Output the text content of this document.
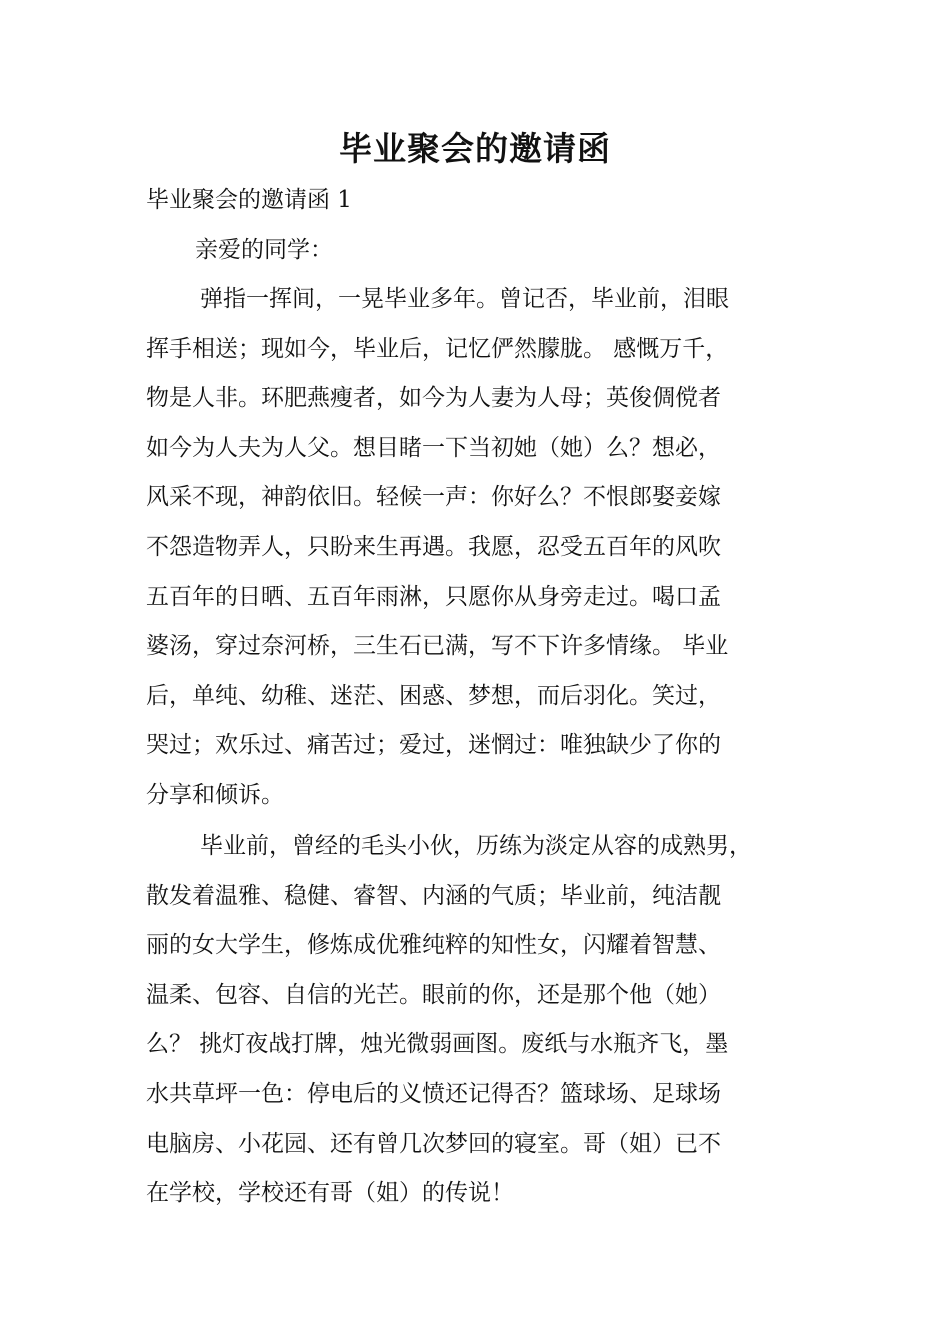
毕业聚会的邀请函
毕业聚会的邀请函 1
亲爱的同学：
弹指一挥间，一晃毕业多年。曾记否，毕业前，泪眼
挥手相送；现如今，毕业后，记忆俨然朦胧。 感慨万千，
物是人非。环肥燕瘦者，如今为人妻为人母；英俊倜傥者
如今为人夫为人父。想目睹一下当初她（她）么？想必，
风采不现，神韵依旧。轻候一声：你好么？不恨郎娶妾嫁
不怨造物弄人，只盼来生再遇。我愿，忍受五百年的风吹
五百年的日晒、五百年雨淋，只愿你从身旁走过。喝口孟
婆汤，穿过奈河桥，三生石已满，写不下许多情缘。 毕业
后，单纯、幼稚、迷茫、困惑、梦想，而后羽化。笑过，
哭过；欢乐过、痛苦过；爱过，迷惘过：唯独缺少了你的
分享和倾诉。
毕业前，曾经的毛头小伙，历练为淡定从容的成熟男，
散发着温雅、稳健、睿智、内涵的气质；毕业前，纯洁靓
丽的女大学生，修炼成优雅纯粹的知性女，闪耀着智慧、
温柔、包容、自信的光芒。眼前的你，还是那个他（她）
么？ 挑灯夜战打牌，烛光微弱画图。废纸与水瓶齐飞，墨
水共草坪一色：停电后的义愤还记得否？篮球场、足球场
电脑房、小花园、还有曾几次梦回的寝室。哥（姐）已不
在学校，学校还有哥（姐）的传说！
